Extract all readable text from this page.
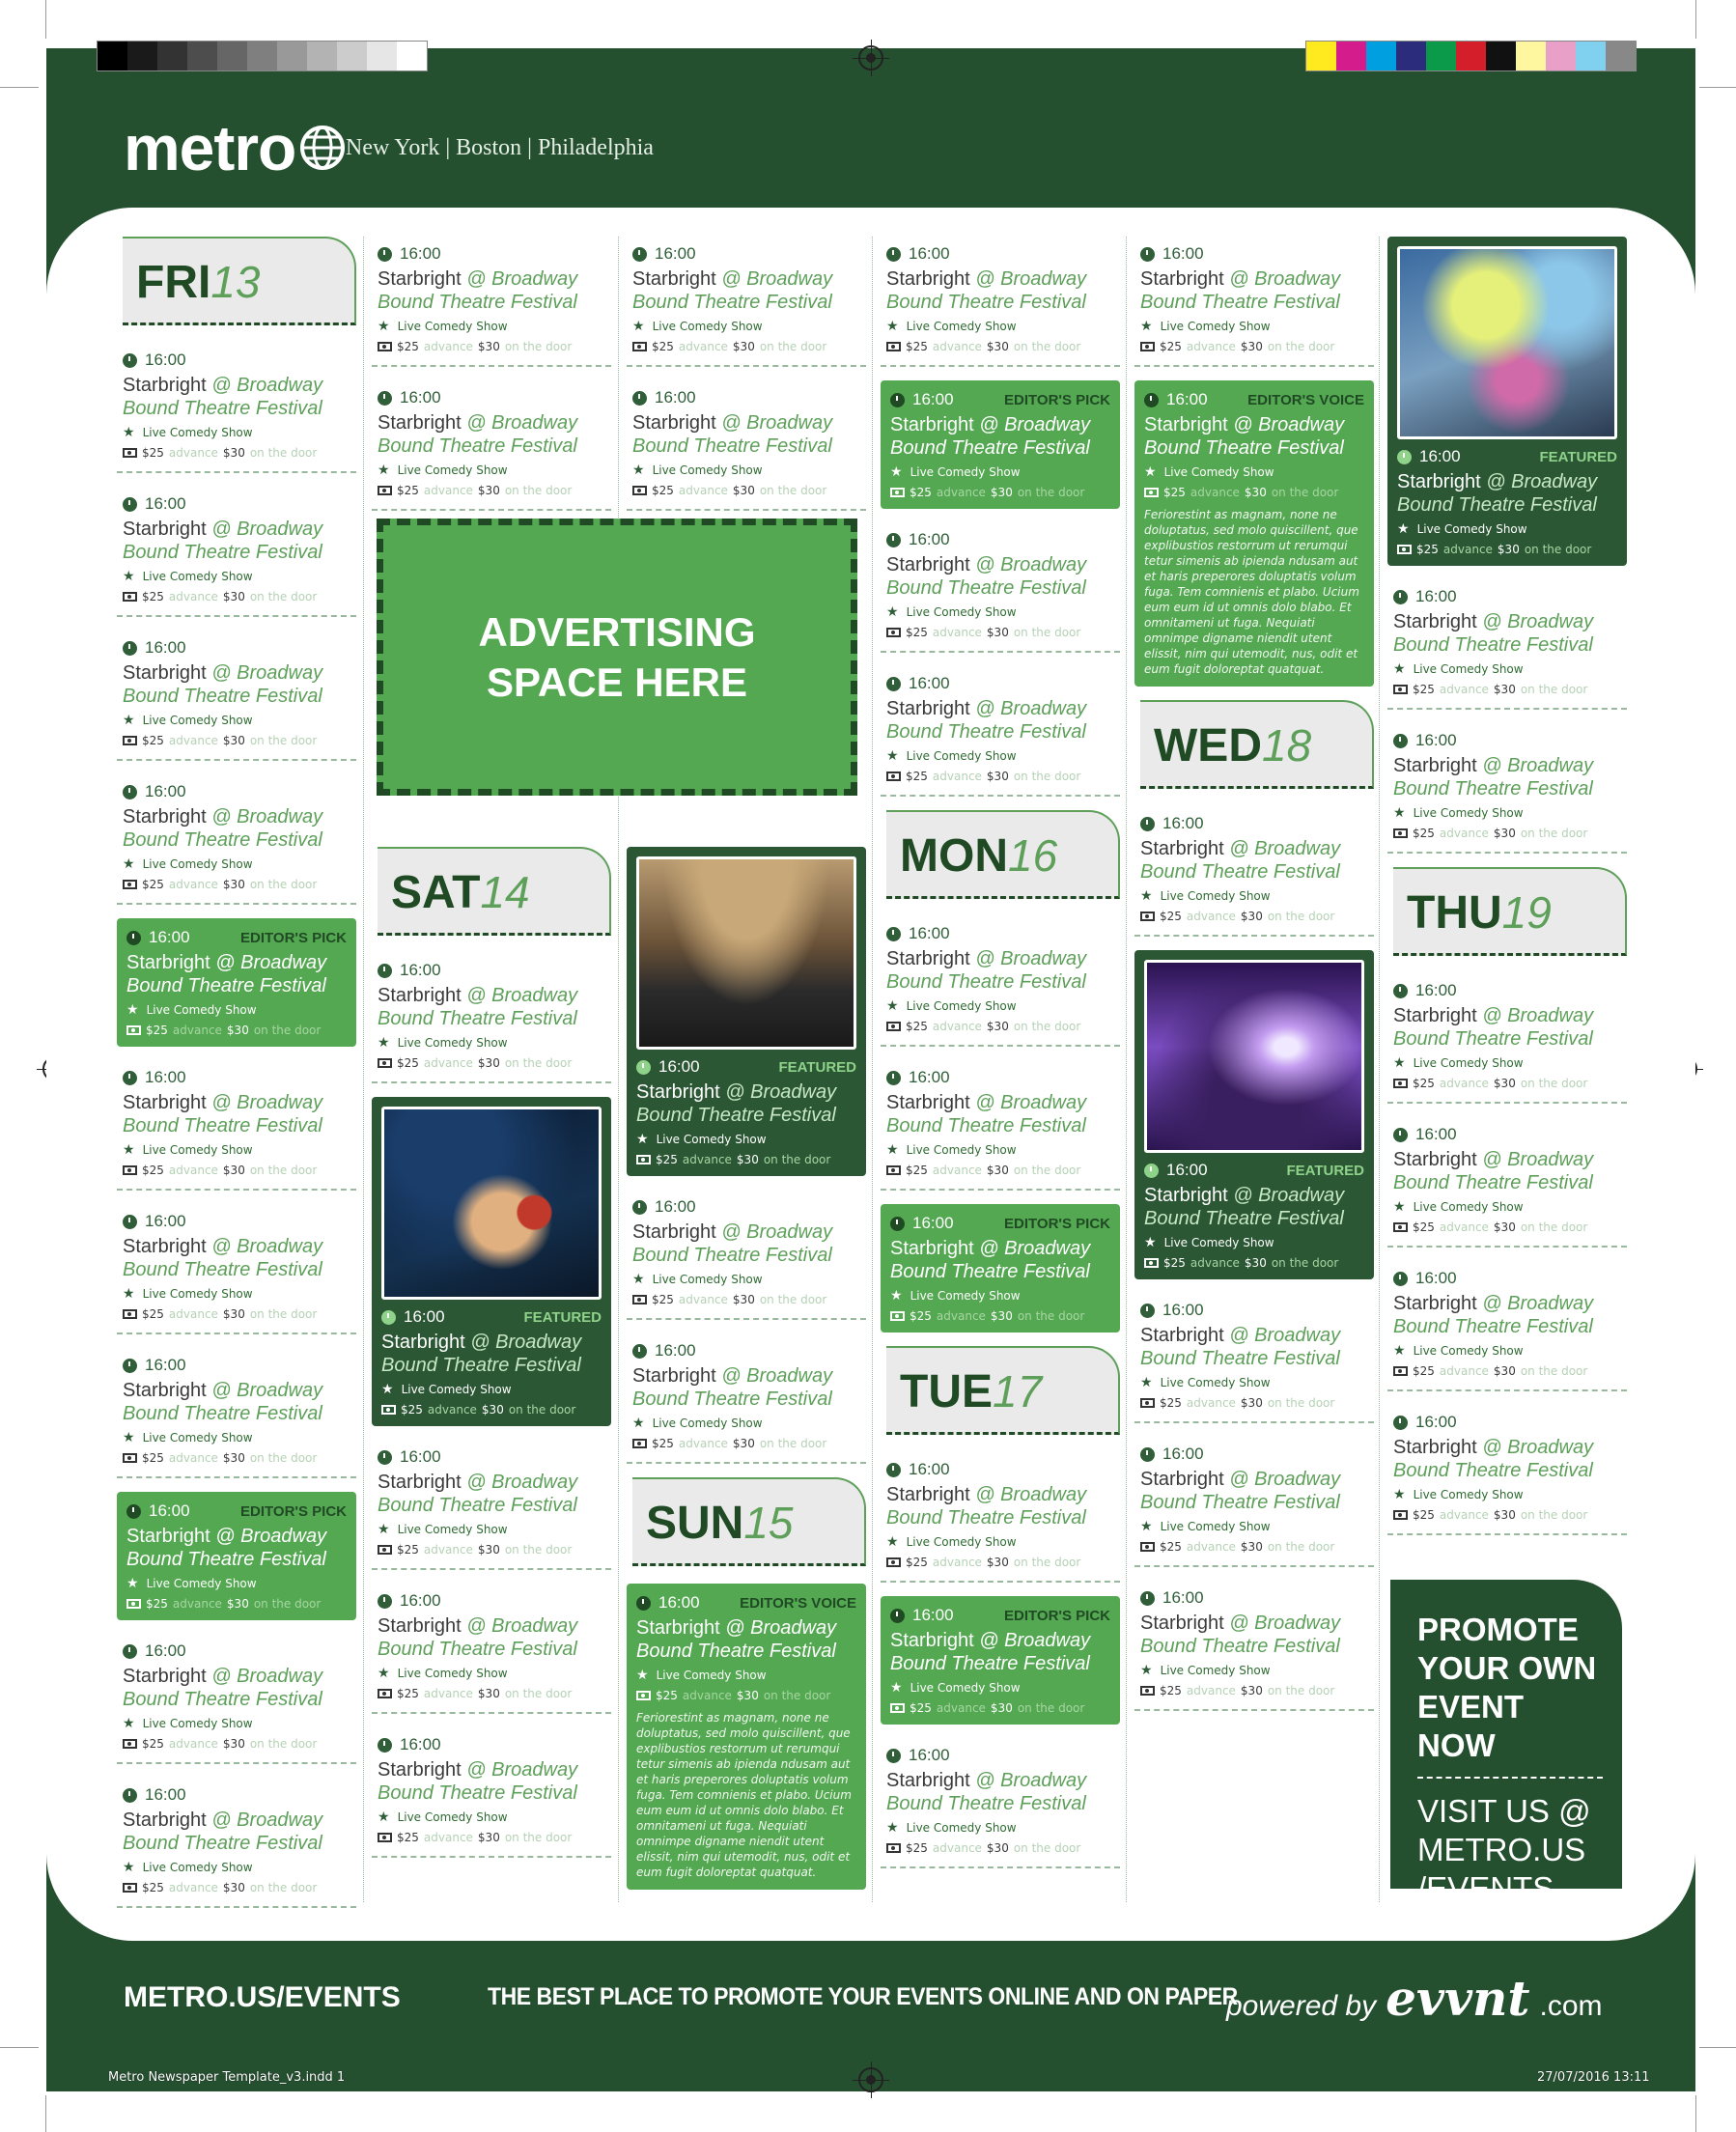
metro New York | Boston | Philadelphia
FRI13
16:00
Starbright @ Broadway
Bound Theatre Festival
★ Live Comedy Show
$25 advance $30 on the door
16:00
Starbright @ Broadway
Bound Theatre Festival
★ Live Comedy Show
$25 advance $30 on the door
16:00
Starbright @ Broadway
Bound Theatre Festival
★ Live Comedy Show
$25 advance $30 on the door
16:00
Starbright @ Broadway
Bound Theatre Festival
★ Live Comedy Show
$25 advance $30 on the door
16:00	EDITOR'S PICK
Starbright @ Broadway
Bound Theatre Festival
★ Live Comedy Show
$25 advance $30 on the door
16:00
Starbright @ Broadway
Bound Theatre Festival
★ Live Comedy Show
$25 advance $30 on the door
16:00
Starbright @ Broadway
Bound Theatre Festival
★ Live Comedy Show
$25 advance $30 on the door
16:00
Starbright @ Broadway
Bound Theatre Festival
★ Live Comedy Show
$25 advance $30 on the door
16:00	EDITOR'S PICK
Starbright @ Broadway
Bound Theatre Festival
★ Live Comedy Show
$25 advance $30 on the door
16:00
Starbright @ Broadway
Bound Theatre Festival
★ Live Comedy Show
$25 advance $30 on the door
16:00
Starbright @ Broadway
Bound Theatre Festival
★ Live Comedy Show
$25 advance $30 on the door
16:00
Starbright @ Broadway
Bound Theatre Festival
★ Live Comedy Show
$25 advance $30 on the door
16:00
Starbright @ Broadway
Bound Theatre Festival
★ Live Comedy Show
$25 advance $30 on the door
SAT14
16:00
Starbright @ Broadway
Bound Theatre Festival
★ Live Comedy Show
$25 advance $30 on the door
16:00	FEATURED
Starbright @ Broadway
Bound Theatre Festival
★ Live Comedy Show
$25 advance $30 on the door
16:00
Starbright @ Broadway
Bound Theatre Festival
★ Live Comedy Show
$25 advance $30 on the door
16:00
Starbright @ Broadway
Bound Theatre Festival
★ Live Comedy Show
$25 advance $30 on the door
16:00
Starbright @ Broadway
Bound Theatre Festival
★ Live Comedy Show
$25 advance $30 on the door
ADVERTISING
SPACE HERE
16:00
Starbright @ Broadway
Bound Theatre Festival
★ Live Comedy Show
$25 advance $30 on the door
16:00
Starbright @ Broadway
Bound Theatre Festival
★ Live Comedy Show
$25 advance $30 on the door
16:00	FEATURED
Starbright @ Broadway
Bound Theatre Festival
★ Live Comedy Show
$25 advance $30 on the door
16:00
Starbright @ Broadway
Bound Theatre Festival
★ Live Comedy Show
$25 advance $30 on the door
16:00
Starbright @ Broadway
Bound Theatre Festival
★ Live Comedy Show
$25 advance $30 on the door
SUN15
16:00	EDITOR'S VOICE
Starbright @ Broadway
Bound Theatre Festival
★ Live Comedy Show
$25 advance $30 on the door
Feriorestint as magnam, none ne doluptatus, sed molo quiscillent, que explibustios restorrum ut rerumqui tetur simenis ab ipienda ndusam aut et haris preperores doluptatis volum fuga. Tem comnienis et plabo. Ucium eum eum id ut omnis dolo blabo. Et omnitameni ut fuga. Nequiati omnimpe digname niendit utent elissit, nim qui utemodit, nus, odit et eum fugit doloreptat quatquat.
16:00
Starbright @ Broadway
Bound Theatre Festival
★ Live Comedy Show
$25 advance $30 on the door
16:00	EDITOR'S PICK
Starbright @ Broadway
Bound Theatre Festival
★ Live Comedy Show
$25 advance $30 on the door
16:00
Starbright @ Broadway
Bound Theatre Festival
★ Live Comedy Show
$25 advance $30 on the door
16:00
Starbright @ Broadway
Bound Theatre Festival
★ Live Comedy Show
$25 advance $30 on the door
MON16
16:00
Starbright @ Broadway
Bound Theatre Festival
★ Live Comedy Show
$25 advance $30 on the door
16:00
Starbright @ Broadway
Bound Theatre Festival
★ Live Comedy Show
$25 advance $30 on the door
16:00	EDITOR'S PICK
Starbright @ Broadway
Bound Theatre Festival
★ Live Comedy Show
$25 advance $30 on the door
TUE17
16:00
Starbright @ Broadway
Bound Theatre Festival
★ Live Comedy Show
$25 advance $30 on the door
16:00	EDITOR'S PICK
Starbright @ Broadway
Bound Theatre Festival
★ Live Comedy Show
$25 advance $30 on the door
16:00
Starbright @ Broadway
Bound Theatre Festival
★ Live Comedy Show
$25 advance $30 on the door
16:00
Starbright @ Broadway
Bound Theatre Festival
★ Live Comedy Show
$25 advance $30 on the door
16:00	EDITOR'S VOICE
Starbright @ Broadway
Bound Theatre Festival
★ Live Comedy Show
$25 advance $30 on the door
Feriorestint as magnam, none ne doluptatus, sed molo quiscillent, que explibustios restorrum ut rerumqui tetur simenis ab ipienda ndusam aut et haris preperores doluptatis volum fuga. Tem comnienis et plabo. Ucium eum eum id ut omnis dolo blabo. Et omnitameni ut fuga. Nequiati omnimpe digname niendit utent elissit, nim qui utemodit, nus, odit et eum fugit doloreptat quatquat.
WED18
16:00
Starbright @ Broadway
Bound Theatre Festival
★ Live Comedy Show
$25 advance $30 on the door
16:00	FEATURED
Starbright @ Broadway
Bound Theatre Festival
★ Live Comedy Show
$25 advance $30 on the door
16:00
Starbright @ Broadway
Bound Theatre Festival
★ Live Comedy Show
$25 advance $30 on the door
16:00
Starbright @ Broadway
Bound Theatre Festival
★ Live Comedy Show
$25 advance $30 on the door
16:00
Starbright @ Broadway
Bound Theatre Festival
★ Live Comedy Show
$25 advance $30 on the door
16:00	FEATURED
Starbright @ Broadway
Bound Theatre Festival
★ Live Comedy Show
$25 advance $30 on the door
16:00
Starbright @ Broadway
Bound Theatre Festival
★ Live Comedy Show
$25 advance $30 on the door
16:00
Starbright @ Broadway
Bound Theatre Festival
★ Live Comedy Show
$25 advance $30 on the door
THU19
16:00
Starbright @ Broadway
Bound Theatre Festival
★ Live Comedy Show
$25 advance $30 on the door
16:00
Starbright @ Broadway
Bound Theatre Festival
★ Live Comedy Show
$25 advance $30 on the door
16:00
Starbright @ Broadway
Bound Theatre Festival
★ Live Comedy Show
$25 advance $30 on the door
16:00
Starbright @ Broadway
Bound Theatre Festival
★ Live Comedy Show
$25 advance $30 on the door
PROMOTE
YOUR OWN
EVENT NOW
VISIT US @
METRO.US
/EVENTS
METRO.US/EVENTS	THE BEST PLACE TO PROMOTE YOUR EVENTS ONLINE AND ON PAPER
powered by evvnt .com
Metro Newspaper Template_v3.indd 1	27/07/2016 13:11
